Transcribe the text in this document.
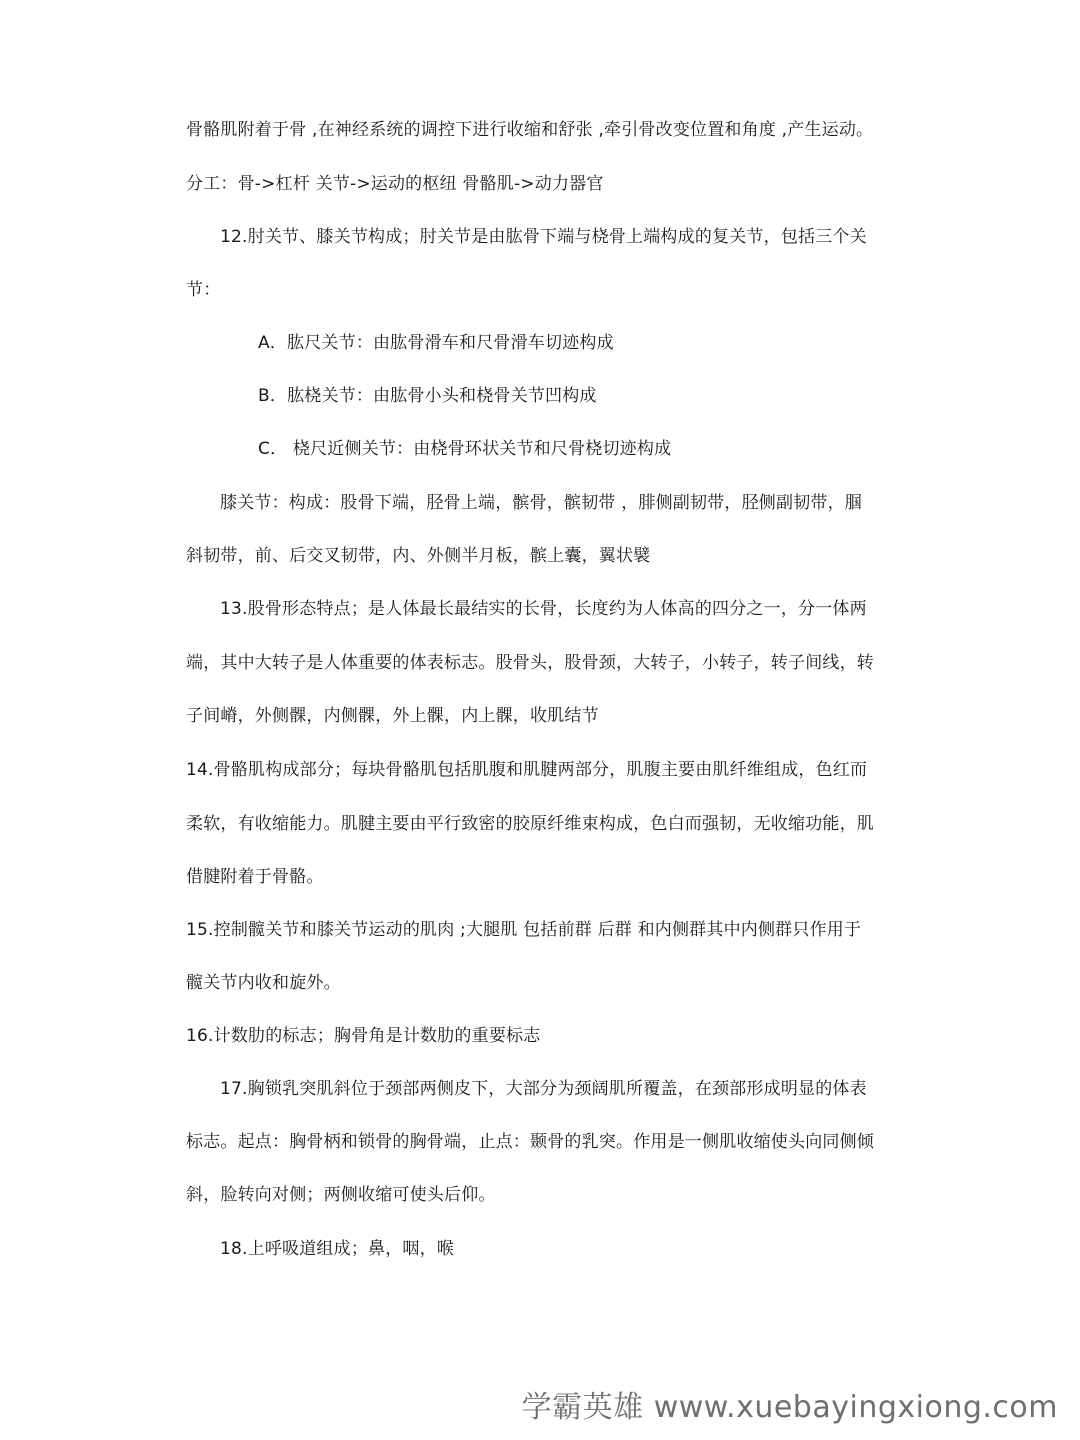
骨骼肌附着于骨 ,在神经系统的调控下进行收缩和舒张 ,牵引骨改变位置和角度 ,产生运动。
分工：骨->杠杆 关节->运动的枢纽 骨骼肌->动力器官
12.肘关节、膝关节构成；肘关节是由肱骨下端与桡骨上端构成的复关节，包括三个关
节：
A．肱尺关节：由肱骨滑车和尺骨滑车切迹构成
B．肱桡关节：由肱骨小头和桡骨关节凹构成
C． 桡尺近侧关节：由桡骨环状关节和尺骨桡切迹构成
膝关节：构成：股骨下端，胫骨上端，髌骨，髌韧带 ，腓侧副韧带，胫侧副韧带，腘
斜韧带，前、后交叉韧带，内、外侧半月板，髌上囊，翼状襞
13.股骨形态特点；是人体最长最结实的长骨，长度约为人体高的四分之一，分一体两
端，其中大转子是人体重要的体表标志。股骨头，股骨颈，大转子，小转子，转子间线，转
子间嵴，外侧髁，内侧髁，外上髁，内上髁，收肌结节
14.骨骼肌构成部分；每块骨骼肌包括肌腹和肌腱两部分，肌腹主要由肌纤维组成，色红而
柔软，有收缩能力。肌腱主要由平行致密的胶原纤维束构成，色白而强韧，无收缩功能，肌
借腱附着于骨骼。
15.控制髋关节和膝关节运动的肌肉 ;大腿肌 包括前群 后群 和内侧群其中内侧群只作用于
髋关节内收和旋外。
16.计数肋的标志；胸骨角是计数肋的重要标志
17.胸锁乳突肌斜位于颈部两侧皮下，大部分为颈阔肌所覆盖，在颈部形成明显的体表
标志。起点：胸骨柄和锁骨的胸骨端，止点：颞骨的乳突。作用是一侧肌收缩使头向同侧倾
斜，脸转向对侧；两侧收缩可使头后仰。
18.上呼吸道组成；鼻，咽，喉
学霸英雄 www.xuebayingxiong.com
